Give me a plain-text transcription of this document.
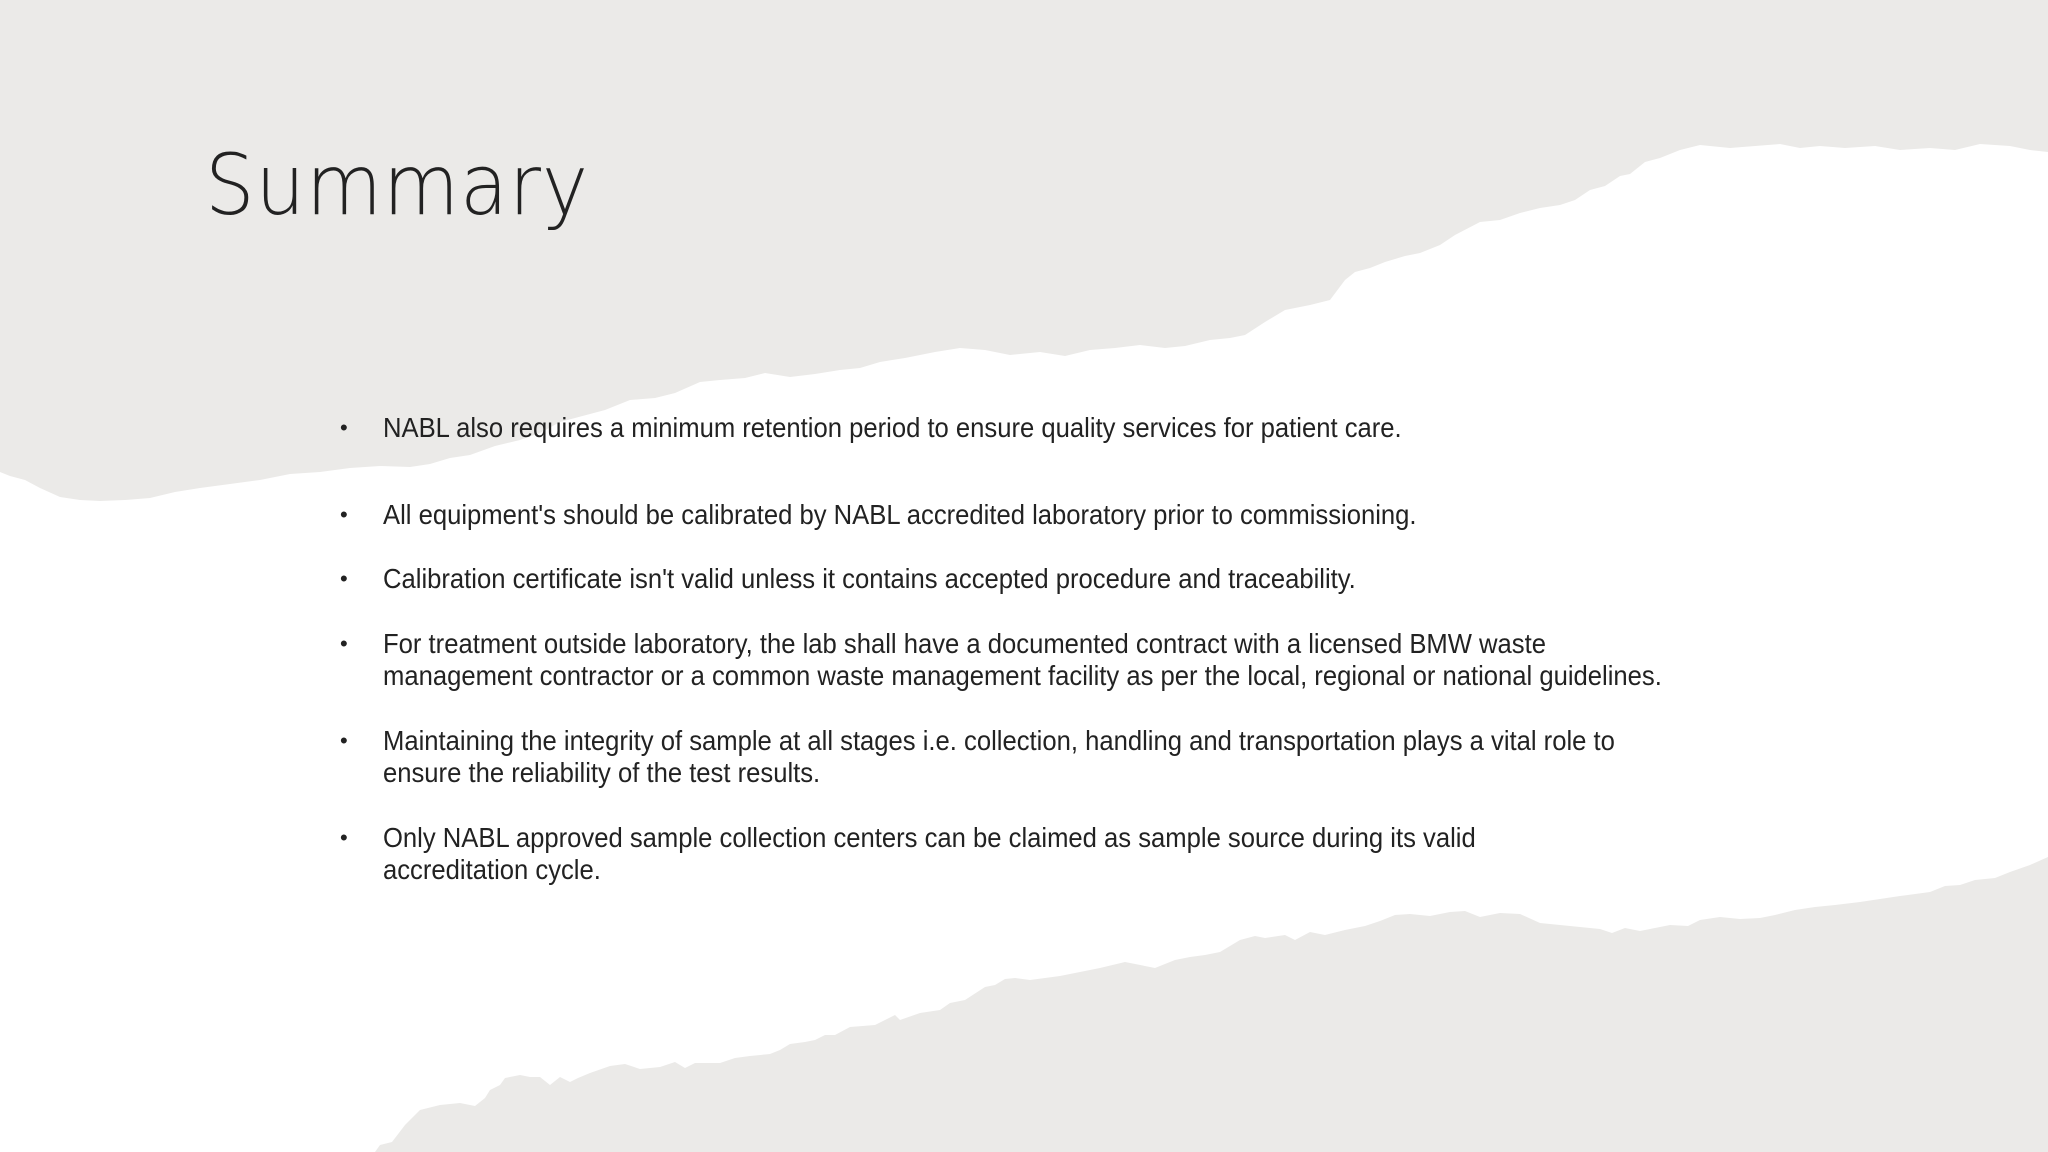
Summary
• NABL also requires a minimum retention period to ensure quality services for patient care.
• All equipment's should be calibrated by NABL accredited laboratory prior to commissioning.
• Calibration certificate isn't valid unless it contains accepted procedure and traceability.
• For treatment outside laboratory, the lab shall have a documented contract with a licensed BMW waste management contractor or a common waste management facility as per the local, regional or national guidelines.
• Maintaining the integrity of sample at all stages i.e. collection, handling and transportation plays a vital role to ensure the reliability of the test results.
• Only NABL approved sample collection centers can be claimed as sample source during its valid accreditation cycle.
